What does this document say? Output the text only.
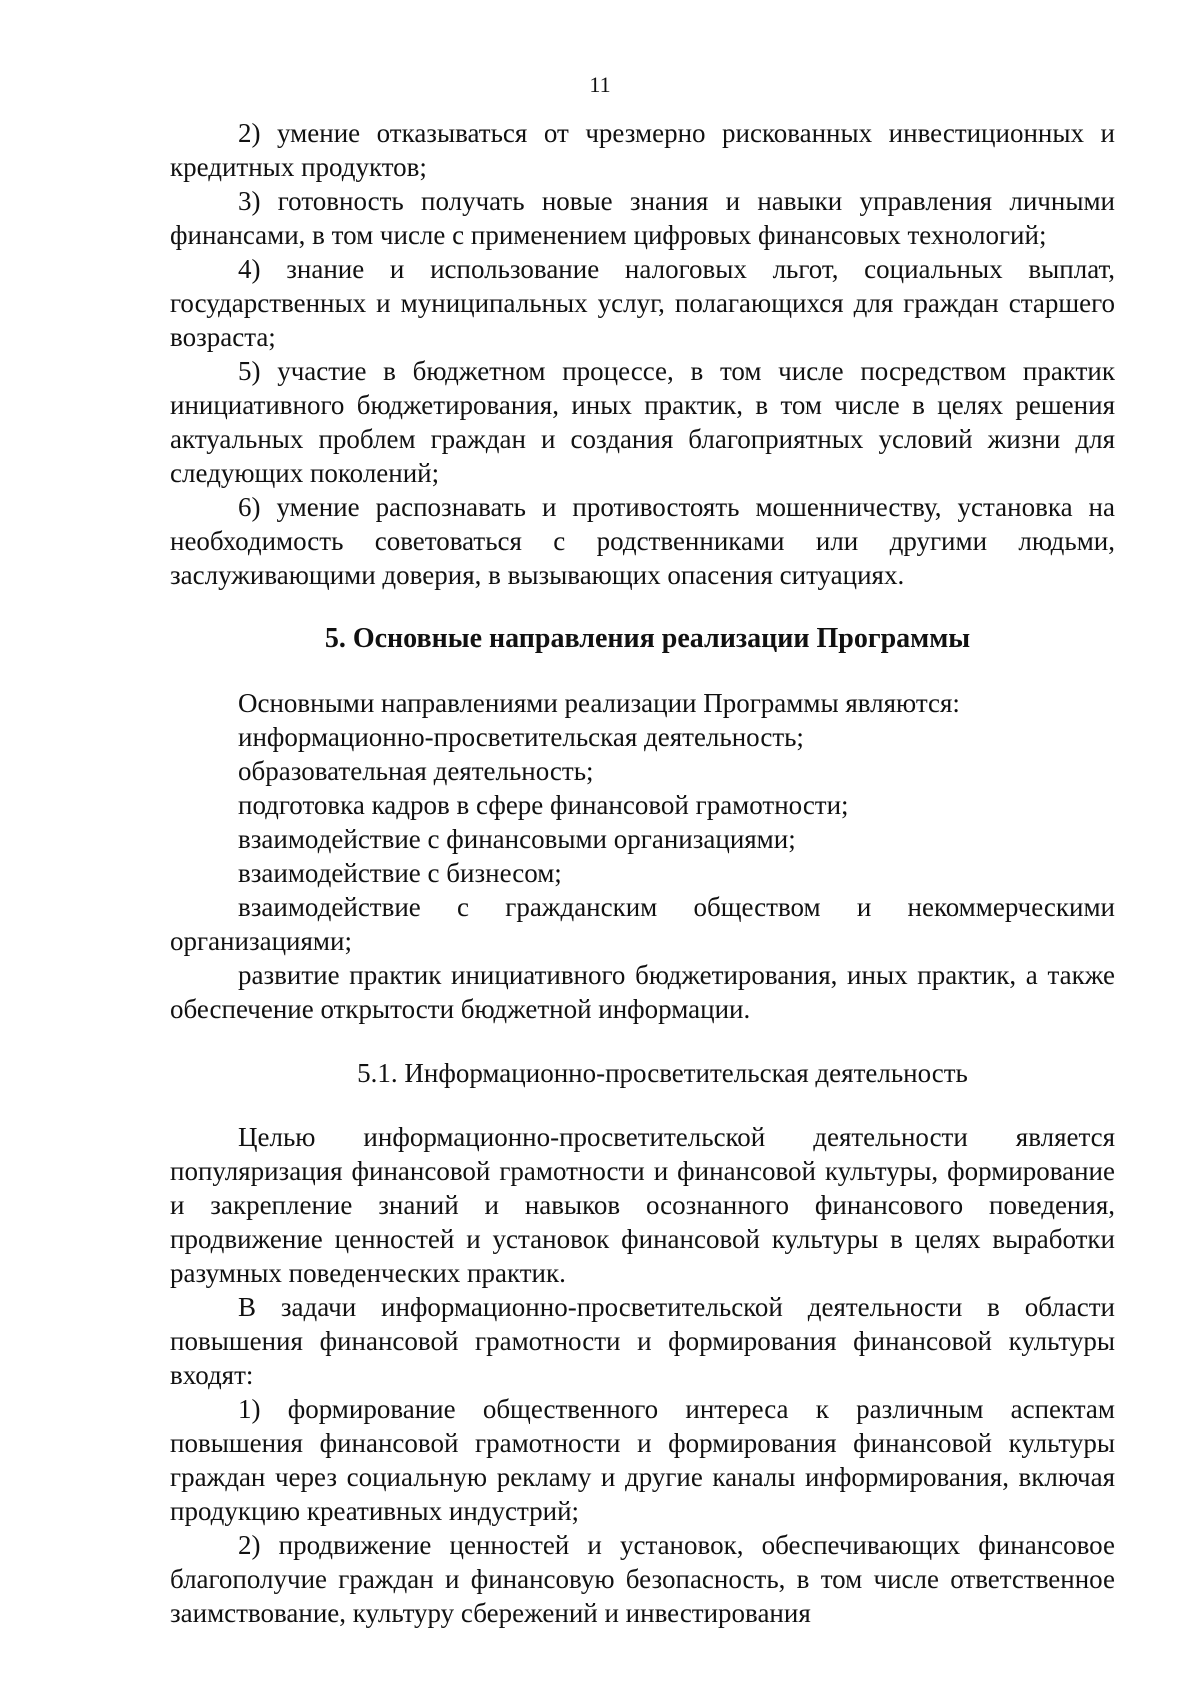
11

2) умение отказываться от чрезмерно рискованных инвестиционных и кредитных продуктов;

3) готовность получать новые знания и навыки управления личными финансами, в том числе с применением цифровых финансовых технологий;

4) знание и использование налоговых льгот, социальных выплат, государственных и муниципальных услуг, полагающихся для граждан старшего возраста;

5) участие в бюджетном процессе, в том числе посредством практик инициативного бюджетирования, иных практик, в том числе в целях решения актуальных проблем граждан и создания благоприятных условий жизни для следующих поколений;

6) умение распознавать и противостоять мошенничеству, установка на необходимость советоваться с родственниками или другими людьми, заслуживающими доверия, в вызывающих опасения ситуациях.

5. Основные направления реализации Программы

Основными направлениями реализации Программы являются:

информационно-просветительская деятельность;

образовательная деятельность;

подготовка кадров в сфере финансовой грамотности;

взаимодействие с финансовыми организациями;

взаимодействие с бизнесом;

взаимодействие с гражданским обществом и некоммерческими организациями;

развитие практик инициативного бюджетирования, иных практик, а также обеспечение открытости бюджетной информации.

5.1. Информационно-просветительская деятельность

Целью информационно-просветительской деятельности является популяризация финансовой грамотности и финансовой культуры, формирование и закрепление знаний и навыков осознанного финансового поведения, продвижение ценностей и установок финансовой культуры в целях выработки разумных поведенческих практик.

В задачи информационно-просветительской деятельности в области повышения финансовой грамотности и формирования финансовой культуры входят:

1) формирование общественного интереса к различным аспектам повышения финансовой грамотности и формирования финансовой культуры граждан через социальную рекламу и другие каналы информирования, включая продукцию креативных индустрий;

2) продвижение ценностей и установок, обеспечивающих финансовое благополучие граждан и финансовую безопасность, в том числе ответственное заимствование, культуру сбережений и инвестирования
